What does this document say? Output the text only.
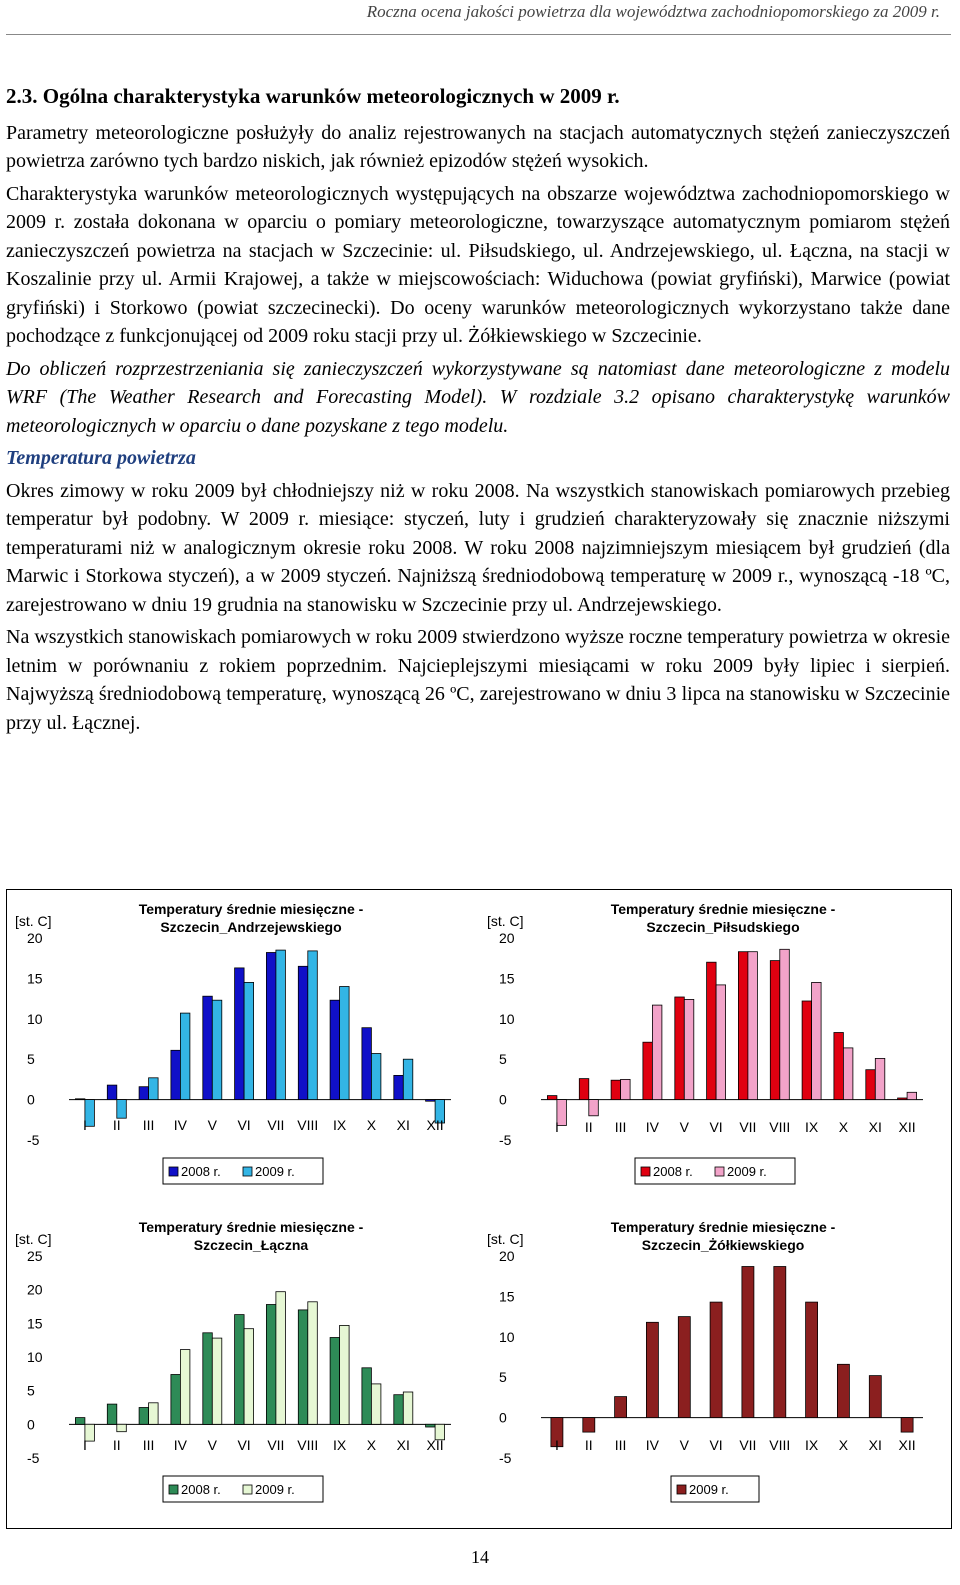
Roczna ocena jakości powietrza dla województwa zachodniopomorskiego za 2009 r.

2.3. Ogólna charakterystyka warunków meteorologicznych w 2009 r.

Parametry meteorologiczne posłużyły do analiz rejestrowanych na stacjach automatycznych stężeń zanieczyszczeń powietrza zarówno tych bardzo niskich, jak również epizodów stężeń wysokich.

Charakterystyka warunków meteorologicznych występujących na obszarze województwa zachodniopomorskiego w 2009 r. została dokonana w oparciu o pomiary meteorologiczne, towarzyszące automatycznym pomiarom stężeń zanieczyszczeń powietrza na stacjach w Szczecinie: ul. Piłsudskiego, ul. Andrzejewskiego, ul. Łączna, na stacji w Koszalinie przy ul. Armii Krajowej, a także w miejscowościach: Widuchowa (powiat gryfiński), Marwice (powiat gryfiński) i Storkowo (powiat szczecinecki). Do oceny warunków meteorologicznych wykorzystano także dane pochodzące z funkcjonującej od 2009 roku stacji przy ul. Żółkiewskiego w Szczecinie.

Do obliczeń rozprzestrzeniania się zanieczyszczeń wykorzystywane są natomiast dane meteorologiczne z modelu WRF (The Weather Research and Forecasting Model). W rozdziale 3.2 opisano charakterystykę warunków meteorologicznych w oparciu o dane pozyskane z tego modelu.

Temperatura powietrza

Okres zimowy w roku 2009 był chłodniejszy niż w roku 2008. Na wszystkich stanowiskach pomiarowych przebieg temperatur był podobny. W 2009 r. miesiące: styczeń, luty i grudzień charakteryzowały się znacznie niższymi temperaturami niż w analogicznym okresie roku 2008. W roku 2008 najzimniejszym miesiącem był grudzień (dla Marwic i Storkowa styczeń), a w 2009 styczeń. Najniższą średniodobową temperaturę w 2009 r., wynoszącą -18 ºC, zarejestrowano w dniu 19 grudnia na stanowisku w Szczecinie przy ul. Andrzejewskiego.

Na wszystkich stanowiskach pomiarowych w roku 2009 stwierdzono wyższe roczne temperatury powietrza w okresie letnim w porównaniu z rokiem poprzednim. Najcieplejszymi miesiącami w roku 2009 były lipiec i sierpień. Najwyższą średniodobową temperaturę, wynoszącą 26 ºC, zarejestrowano w dniu 3 lipca na stanowisku w Szczecinie przy ul. Łącznej.

Temperatury średnie miesięczne -
Szczecin_Andrzejewskiego
[st. C]
-5
0
5
10
15
20
I II III IV V VI VII VIII IX X XI XII
2008 r.	2009 r.
Temperatury średnie miesięczne -
Szczecin_Piłsudskiego
[st. C]
-5
0
5
10
15
20
I II III IV V VI VII VIII IX X XI XII
2008 r.	2009 r.
Temperatury średnie miesięczne -
Szczecin_Łączna
[st. C]
-5
0
5
10
15
20
25
I II III IV V VI VII VIII IX X XI XII
2008 r.	2009 r.
Temperatury średnie miesięczne -
Szczecin_Żółkiewskiego
[st. C]
-5
0
5
10
15
20
I II III IV V VI VII VIII IX X XI XII
2009 r.
14
